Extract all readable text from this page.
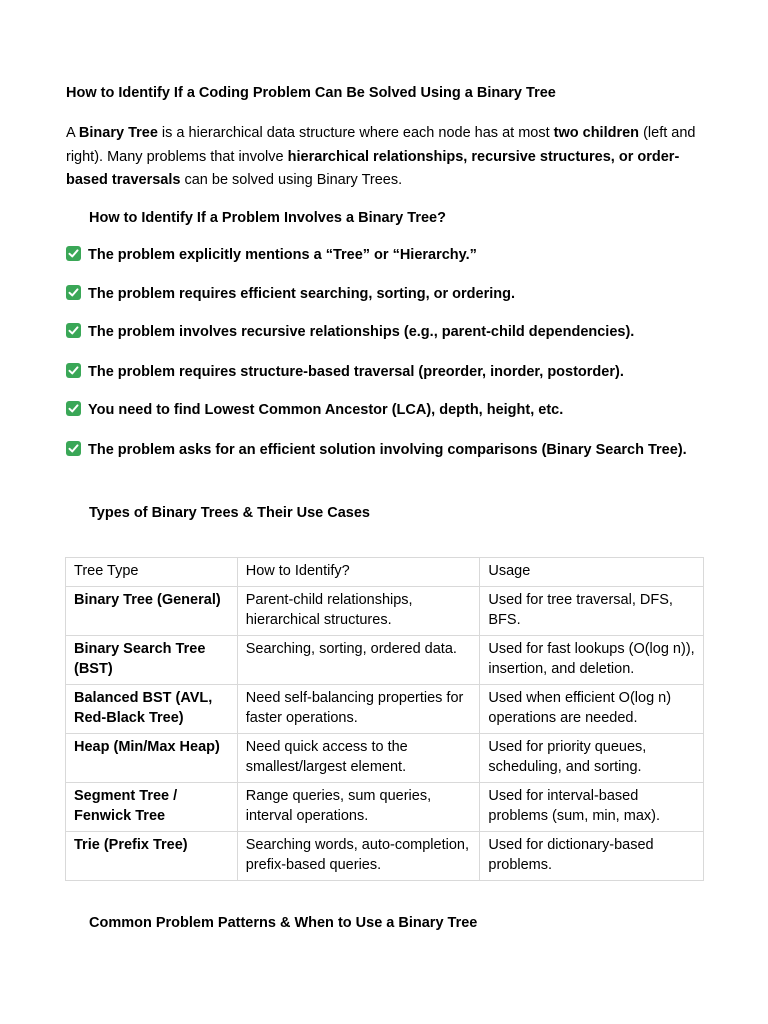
How to Identify If a Coding Problem Can Be Solved Using a Binary Tree
A Binary Tree is a hierarchical data structure where each node has at most two children (left and right). Many problems that involve hierarchical relationships, recursive structures, or order-based traversals can be solved using Binary Trees.
How to Identify If a Problem Involves a Binary Tree?
The problem explicitly mentions a “Tree” or “Hierarchy.”
The problem requires efficient searching, sorting, or ordering.
The problem involves recursive relationships (e.g., parent-child dependencies).
The problem requires structure-based traversal (preorder, inorder, postorder).
You need to find Lowest Common Ancestor (LCA), depth, height, etc.
The problem asks for an efficient solution involving comparisons (Binary Search Tree).
Types of Binary Trees & Their Use Cases
Tree Type	How to Identify?	Usage
Binary Tree (General)	Parent-child relationships, hierarchical structures.	Used for tree traversal, DFS, BFS.
Binary Search Tree (BST)	Searching, sorting, ordered data.	Used for fast lookups (O(log n)), insertion, and deletion.
Balanced BST (AVL, Red-Black Tree)	Need self-balancing properties for faster operations.	Used when efficient O(log n) operations are needed.
Heap (Min/Max Heap)	Need quick access to the smallest/largest element.	Used for priority queues, scheduling, and sorting.
Segment Tree / Fenwick Tree	Range queries, sum queries, interval operations.	Used for interval-based problems (sum, min, max).
Trie (Prefix Tree)	Searching words, auto-completion, prefix-based queries.	Used for dictionary-based problems.
Common Problem Patterns & When to Use a Binary Tree
